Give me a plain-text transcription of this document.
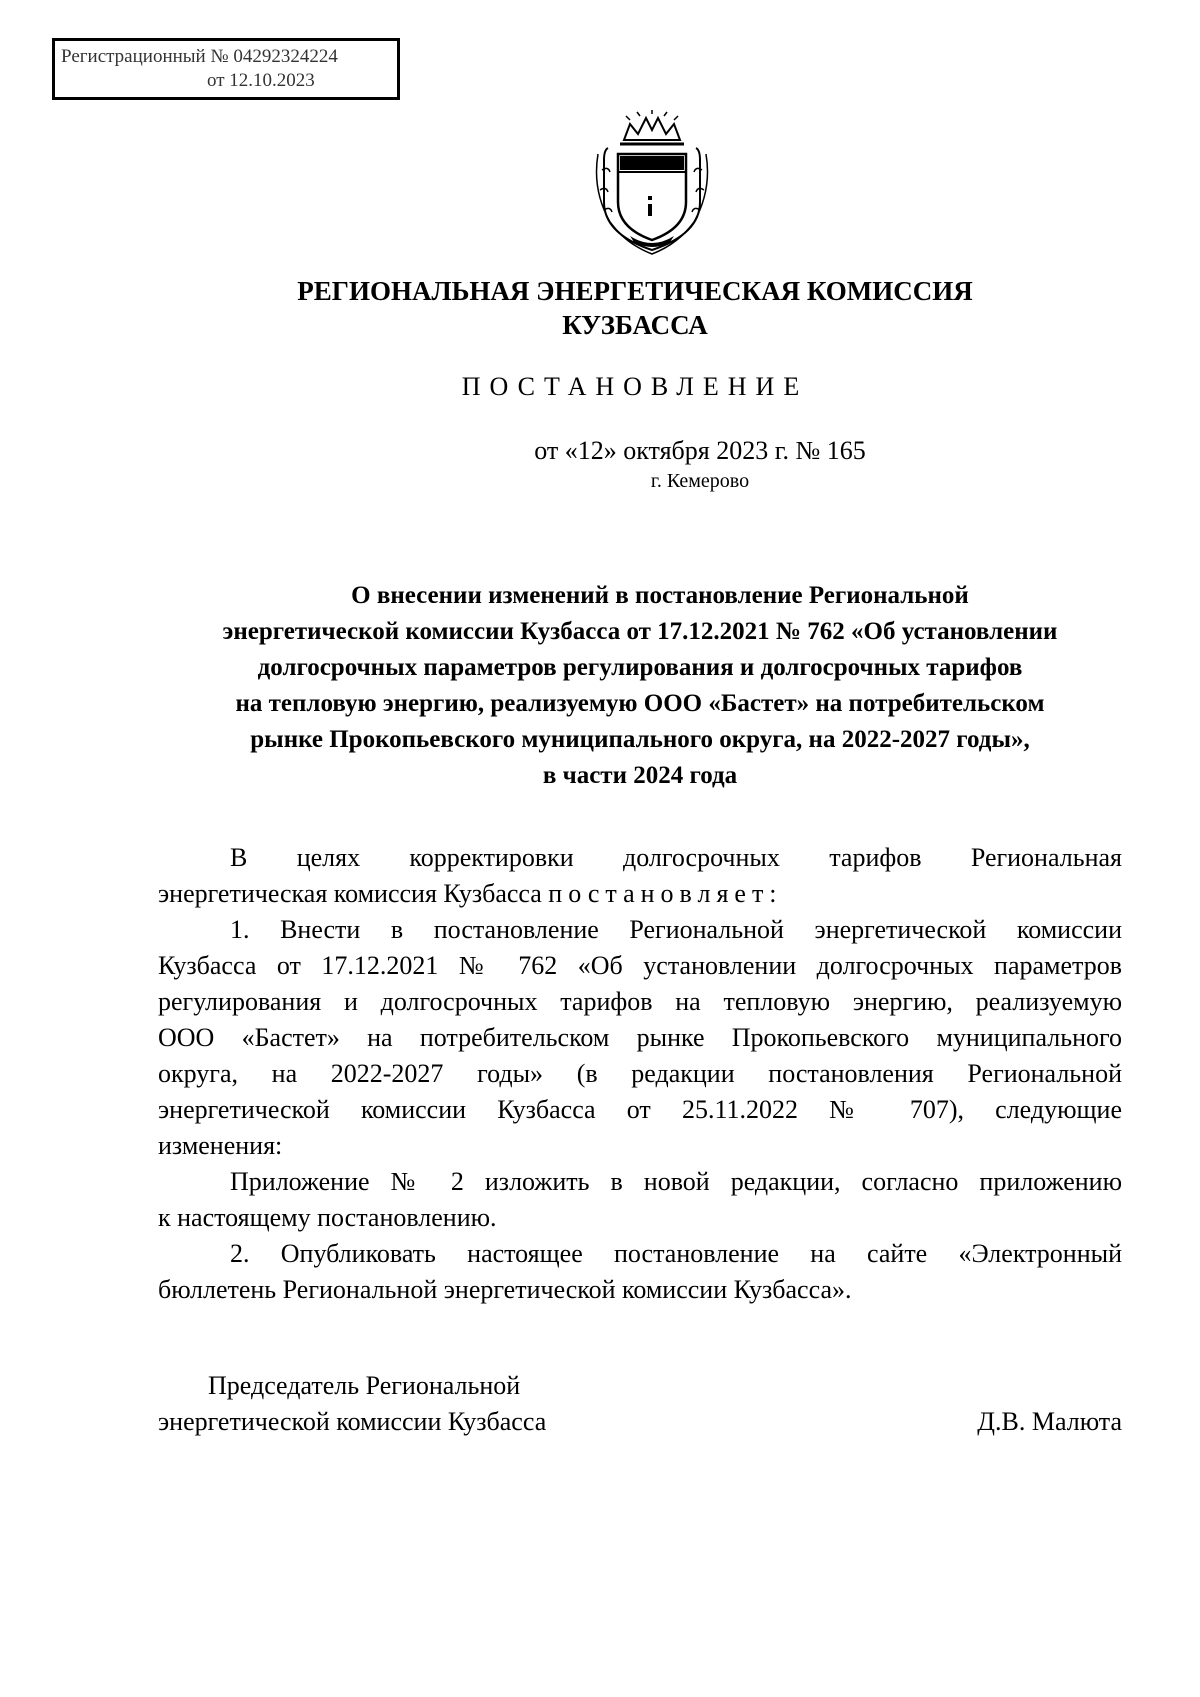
Регистрационный № 04292324224
от 12.10.2023
РЕГИОНАЛЬНАЯ ЭНЕРГЕТИЧЕСКАЯ КОМИССИЯ
КУЗБАССА
ПОСТАНОВЛЕНИЕ
от «12» октября 2023 г. № 165
г. Кемерово
О внесении изменений в постановление Региональной
энергетической комиссии Кузбасса от 17.12.2021 № 762 «Об установлении
долгосрочных параметров регулирования и долгосрочных тарифов
на тепловую энергию, реализуемую ООО «Бастет» на потребительском
рынке Прокопьевского муниципального округа, на 2022-2027 годы»,
в части 2024 года
В целях корректировки долгосрочных тарифов Региональная
энергетическая комиссия Кузбасса постановляет:
1. Внести в постановление Региональной энергетической комиссии
Кузбасса от 17.12.2021 № 762 «Об установлении долгосрочных параметров
регулирования и долгосрочных тарифов на тепловую энергию, реализуемую
ООО «Бастет» на потребительском рынке Прокопьевского муниципального
округа, на 2022-2027 годы» (в редакции постановления Региональной
энергетической комиссии Кузбасса от 25.11.2022 № 707), следующие
изменения:
Приложение № 2 изложить в новой редакции, согласно приложению
к настоящему постановлению.
2. Опубликовать настоящее постановление на сайте «Электронный
бюллетень Региональной энергетической комиссии Кузбасса».
Председатель Региональной
энергетической комиссии Кузбасса	Д.В. Малюта
